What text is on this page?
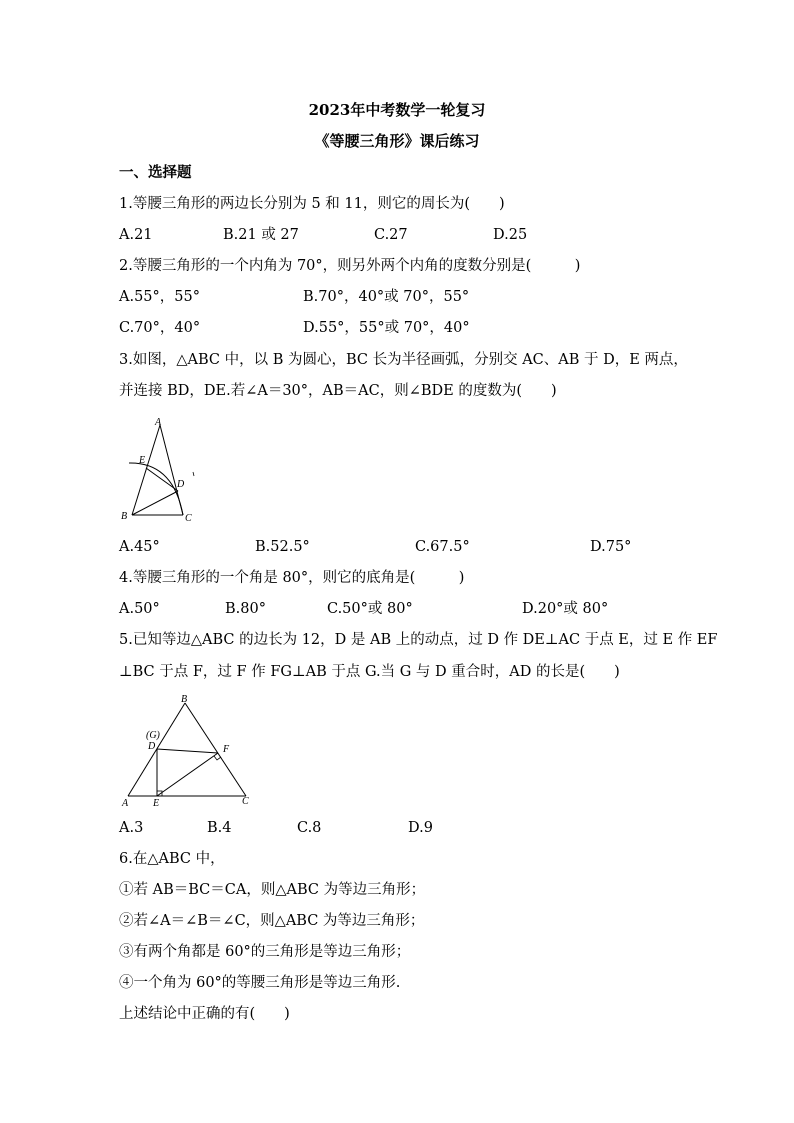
2023年中考数学一轮复习
《等腰三角形》课后练习
一、选择题
1.等腰三角形的两边长分别为 5 和 11，则它的周长为(　　)
A.21	B.21 或 27	C.27	D.25
2.等腰三角形的一个内角为 70°，则另外两个内角的度数分别是(　　　)
A.55°，55°	B.70°，40°或 70°，55°
C.70°，40°	D.55°，55°或 70°，40°
3.如图，△ABC 中，以 B 为圆心，BC 长为半径画弧，分别交 AC、AB 于 D，E 两点，
并连接 BD，DE.若∠A＝30°，AB＝AC，则∠BDE 的度数为(　　)
A
E
D
B	C
A.45°	B.52.5°	C.67.5°	D.75°
4.等腰三角形的一个角是 80°，则它的底角是(　　　)
A.50°	B.80°	C.50°或 80°	D.20°或 80°
5.已知等边△ABC 的边长为 12，D 是 AB 上的动点，过 D 作 DE⊥AC 于点 E，过 E 作 EF
⊥BC 于点 F，过 F 作 FG⊥AB 于点 G.当 G 与 D 重合时，AD 的长是(　　)
B
(G)
D	F
A E	C
A.3	B.4	C.8	D.9
6.在△ABC 中，
①若 AB＝BC＝CA，则△ABC 为等边三角形；
②若∠A＝∠B＝∠C，则△ABC 为等边三角形；
③有两个角都是 60°的三角形是等边三角形；
④一个角为 60°的等腰三角形是等边三角形.
上述结论中正确的有(　　)
